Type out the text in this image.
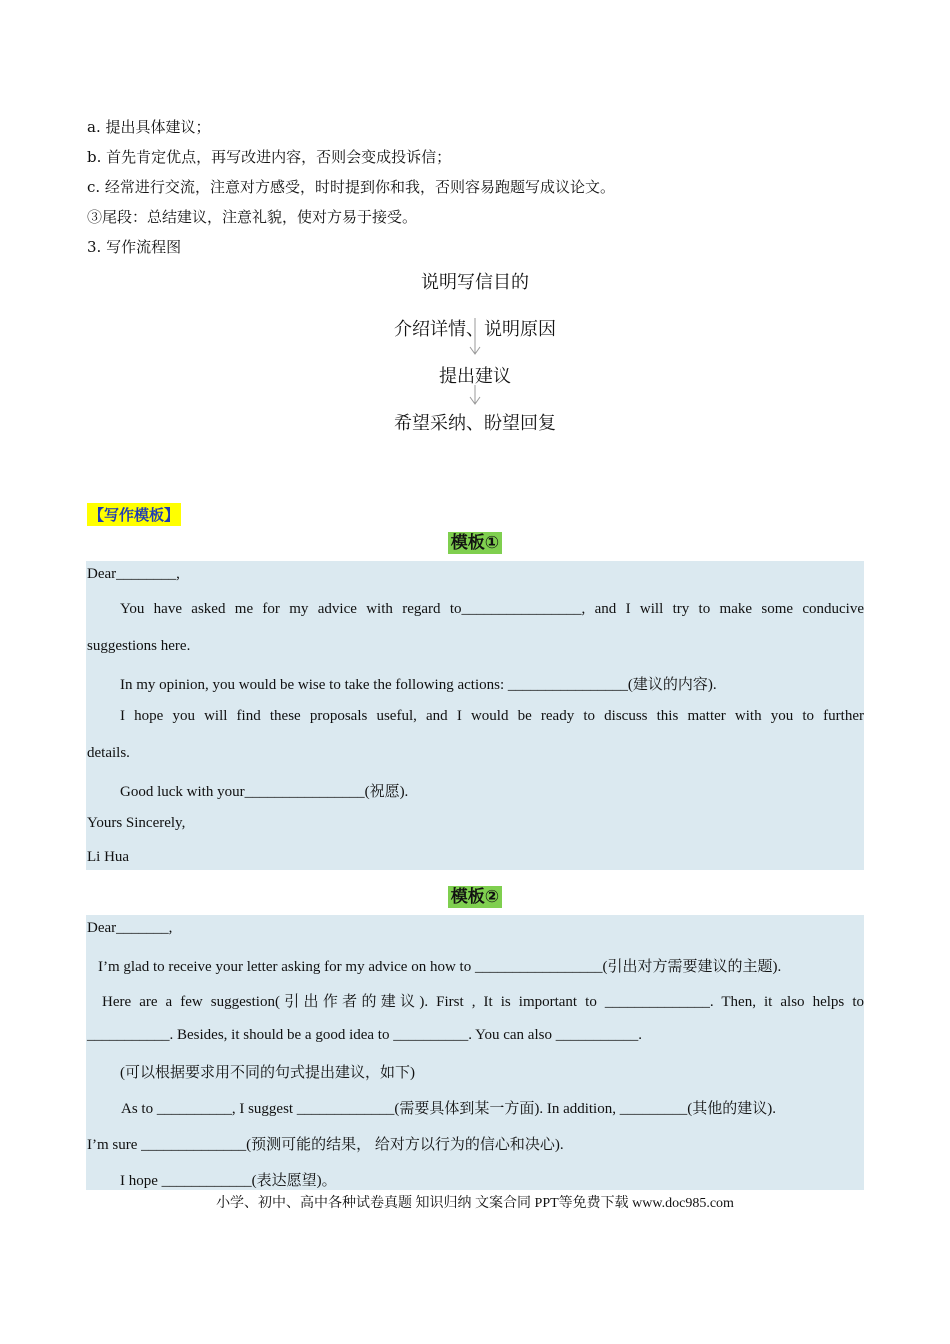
a. 提出具体建议；
b. 首先肯定优点，再写改进内容，否则会变成投诉信；
c. 经常进行交流，注意对方感受，时时提到你和我，否则容易跑题写成议论文。
③尾段：总结建议，注意礼貌，使对方易于接受。
3. 写作流程图
说明写信目的
介绍详情、说明原因
提出建议
希望采纳、盼望回复
【写作模板】
模板①
Dear________,
You have asked me for my advice with regard to________________, and I will try to make some conducive
suggestions here.
In my opinion, you would be wise to take the following actions: ________________(建议的内容).
I hope you will find these proposals useful, and I would be ready to discuss this matter with you to further
details.
Good luck with your________________(祝愿).
Yours Sincerely,
Li Hua
模板②
Dear_______,
I’m glad to receive your letter asking for my advice on how to _________________(引出对方需要建议的主题).
Here are a few suggestion(引出作者的建议). First , It is important to ______________. Then, it also helps to
___________. Besides, it should be a good idea to __________. You can also ___________.
(可以根据要求用不同的句式提出建议，如下)
As to __________, I suggest _____________(需要具体到某一方面). In addition, _________(其他的建议).
I’m sure ______________(预测可能的结果， 给对方以行为的信心和决心).
I hope ____________(表达愿望)。
小学、初中、高中各种试卷真题 知识归纳 文案合同 PPT等免费下载 www.doc985.com
